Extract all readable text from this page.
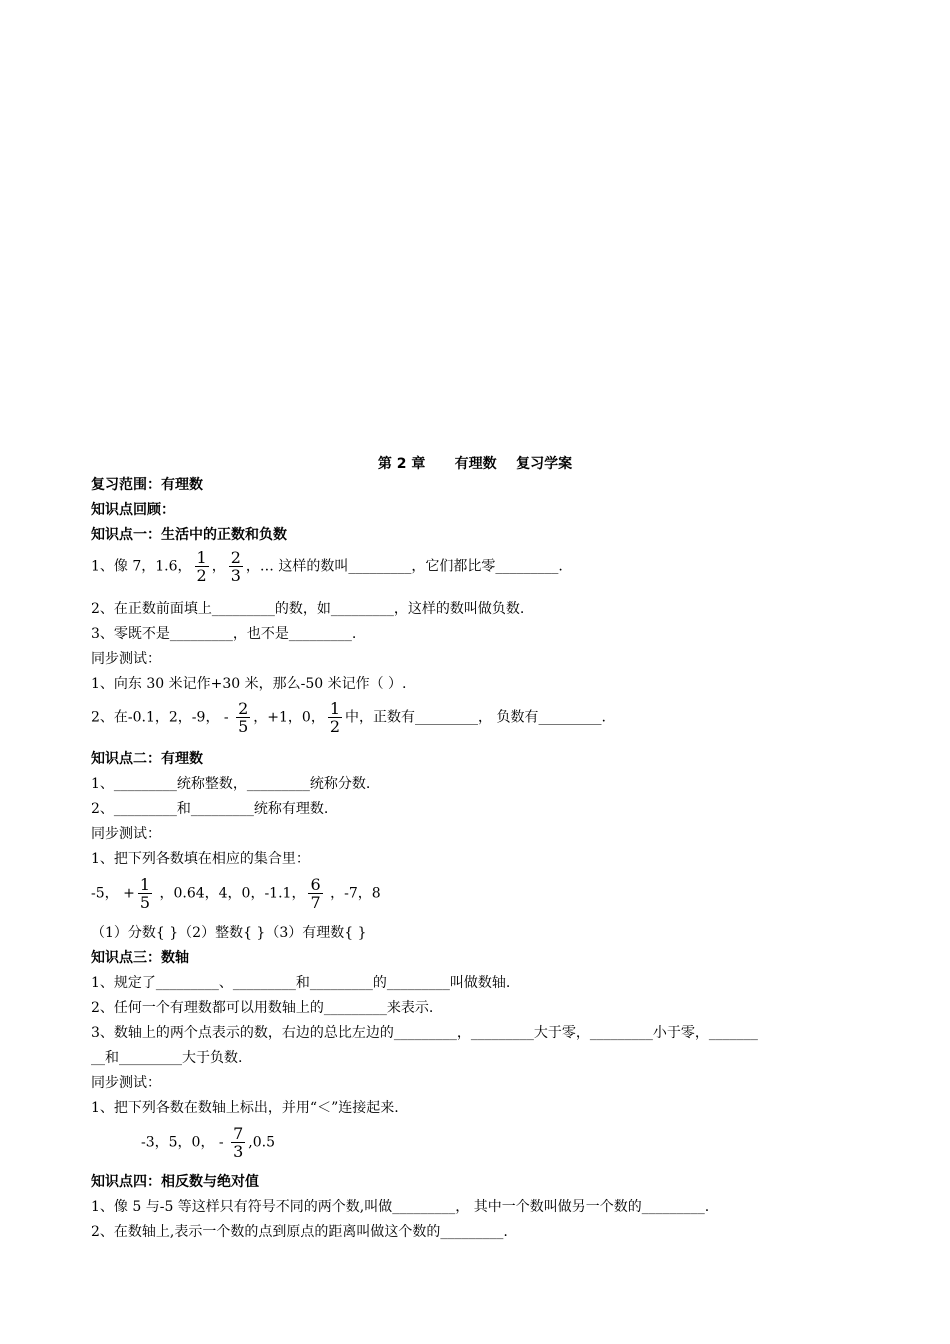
第 2 章      有理数    复习学案
复习范围：有理数
知识点回顾：
知识点一：生活中的正数和负数
1、像 7，1.6， $\frac{1}{2}$ ， $\frac{2}{3}$ ，… 这样的数叫_________，它们都比零_________.
2、在正数前面填上_________的数，如_________，这样的数叫做负数.
3、零既不是_________，也不是_________.
同步测试：
1、向东 30 米记作+30 米，那么-50 米记作（ ）.
2、在-0.1，2，-9， - $\frac{2}{5}$ ，+1，0， $\frac{1}{2}$ 中，正数有_________， 负数有_________.
知识点二：有理数
1、_________统称整数，_________统称分数.
2、_________和_________统称有理数.
同步测试：
1、把下列各数填在相应的集合里：
-5， + $\frac{1}{5}$ ，0.64，4，0，-1.1， $\frac{6}{7}$ ，-7，8
（1）分数{ }（2）整数{ }（3）有理数{ }
知识点三：数轴
1、规定了_________、_________和_________的_________叫做数轴.
2、任何一个有理数都可以用数轴上的_________来表示.
3、数轴上的两个点表示的数，右边的总比左边的_________，_________大于零，_________小于零，_______
__和_________大于负数.
同步测试：
1、把下列各数在数轴上标出，并用“＜”连接起来.
-3，5，0， - $\frac{7}{3} ,0.5$
知识点四：相反数与绝对值
1、像 5 与-5 等这样只有符号不同的两个数,叫做_________， 其中一个数叫做另一个数的_________.
2、在数轴上,表示一个数的点到原点的距离叫做这个数的_________.
